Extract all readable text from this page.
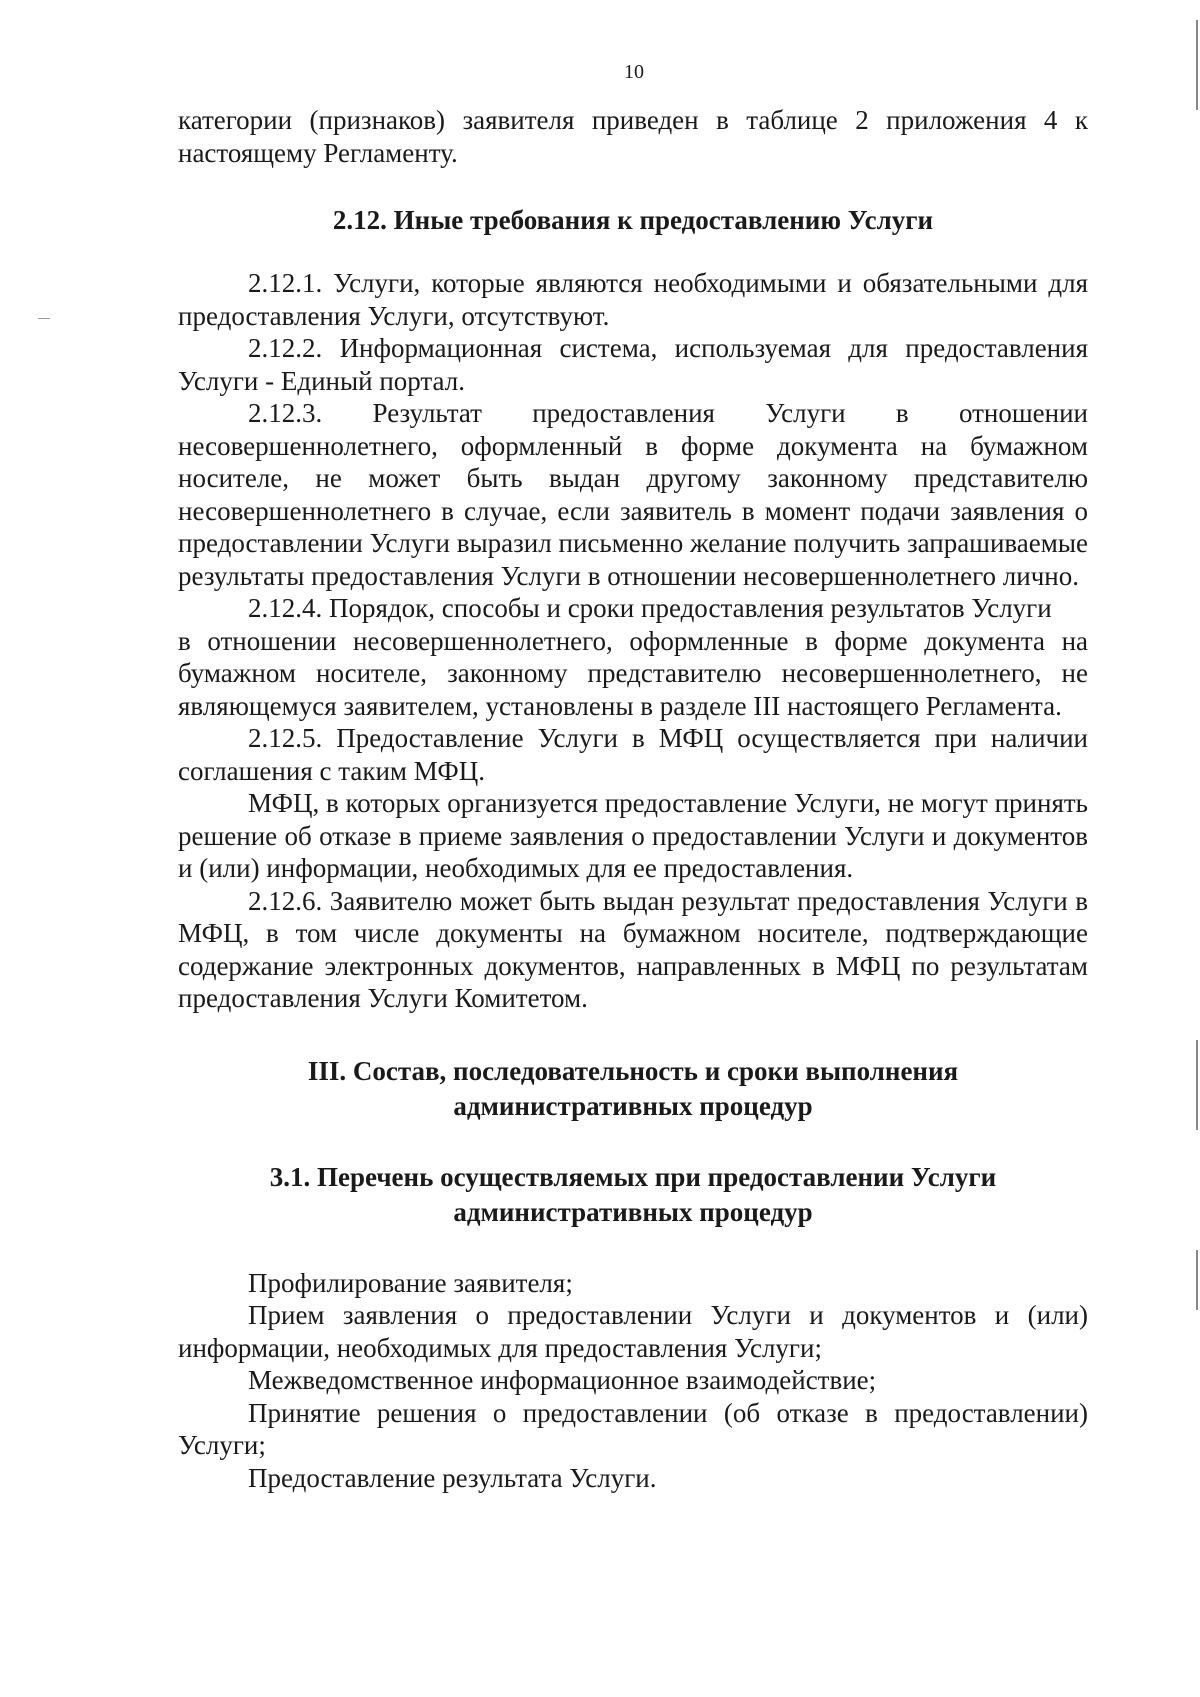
10

категории (признаков) заявителя приведен в таблице 2 приложения 4 к настоящему Регламенту.

2.12. Иные требования к предоставлению Услуги

2.12.1. Услуги, которые являются необходимыми и обязательными для предоставления Услуги, отсутствуют.

2.12.2. Информационная система, используемая для предоставления Услуги - Единый портал.

2.12.3. Результат предоставления Услуги в отношении несовершеннолетнего, оформленный в форме документа на бумажном носителе, не может быть выдан другому законному представителю несовершеннолетнего в случае, если заявитель в момент подачи заявления о предоставлении Услуги выразил письменно желание получить запрашиваемые результаты предоставления Услуги в отношении несовершеннолетнего лично.

2.12.4. Порядок, способы и сроки предоставления результатов Услуги

в отношении несовершеннолетнего, оформленные в форме документа на бумажном носителе, законному представителю несовершеннолетнего, не являющемуся заявителем, установлены в разделе III настоящего Регламента.

2.12.5. Предоставление Услуги в МФЦ осуществляется при наличии соглашения с таким МФЦ.

МФЦ, в которых организуется предоставление Услуги, не могут принять решение об отказе в приеме заявления о предоставлении Услуги и документов и (или) информации, необходимых для ее предоставления.

2.12.6. Заявителю может быть выдан результат предоставления Услуги в МФЦ, в том числе документы на бумажном носителе, подтверждающие содержание электронных документов, направленных в МФЦ по результатам предоставления Услуги Комитетом.

III. Состав, последовательность и сроки выполнения
административных процедур
3.1. Перечень осуществляемых при предоставлении Услуги
административных процедур

Профилирование заявителя;

Прием заявления о предоставлении Услуги и документов и (или) информации, необходимых для предоставления Услуги;

Межведомственное информационное взаимодействие;

Принятие решения о предоставлении (об отказе в предоставлении) Услуги;

Предоставление результата Услуги.
